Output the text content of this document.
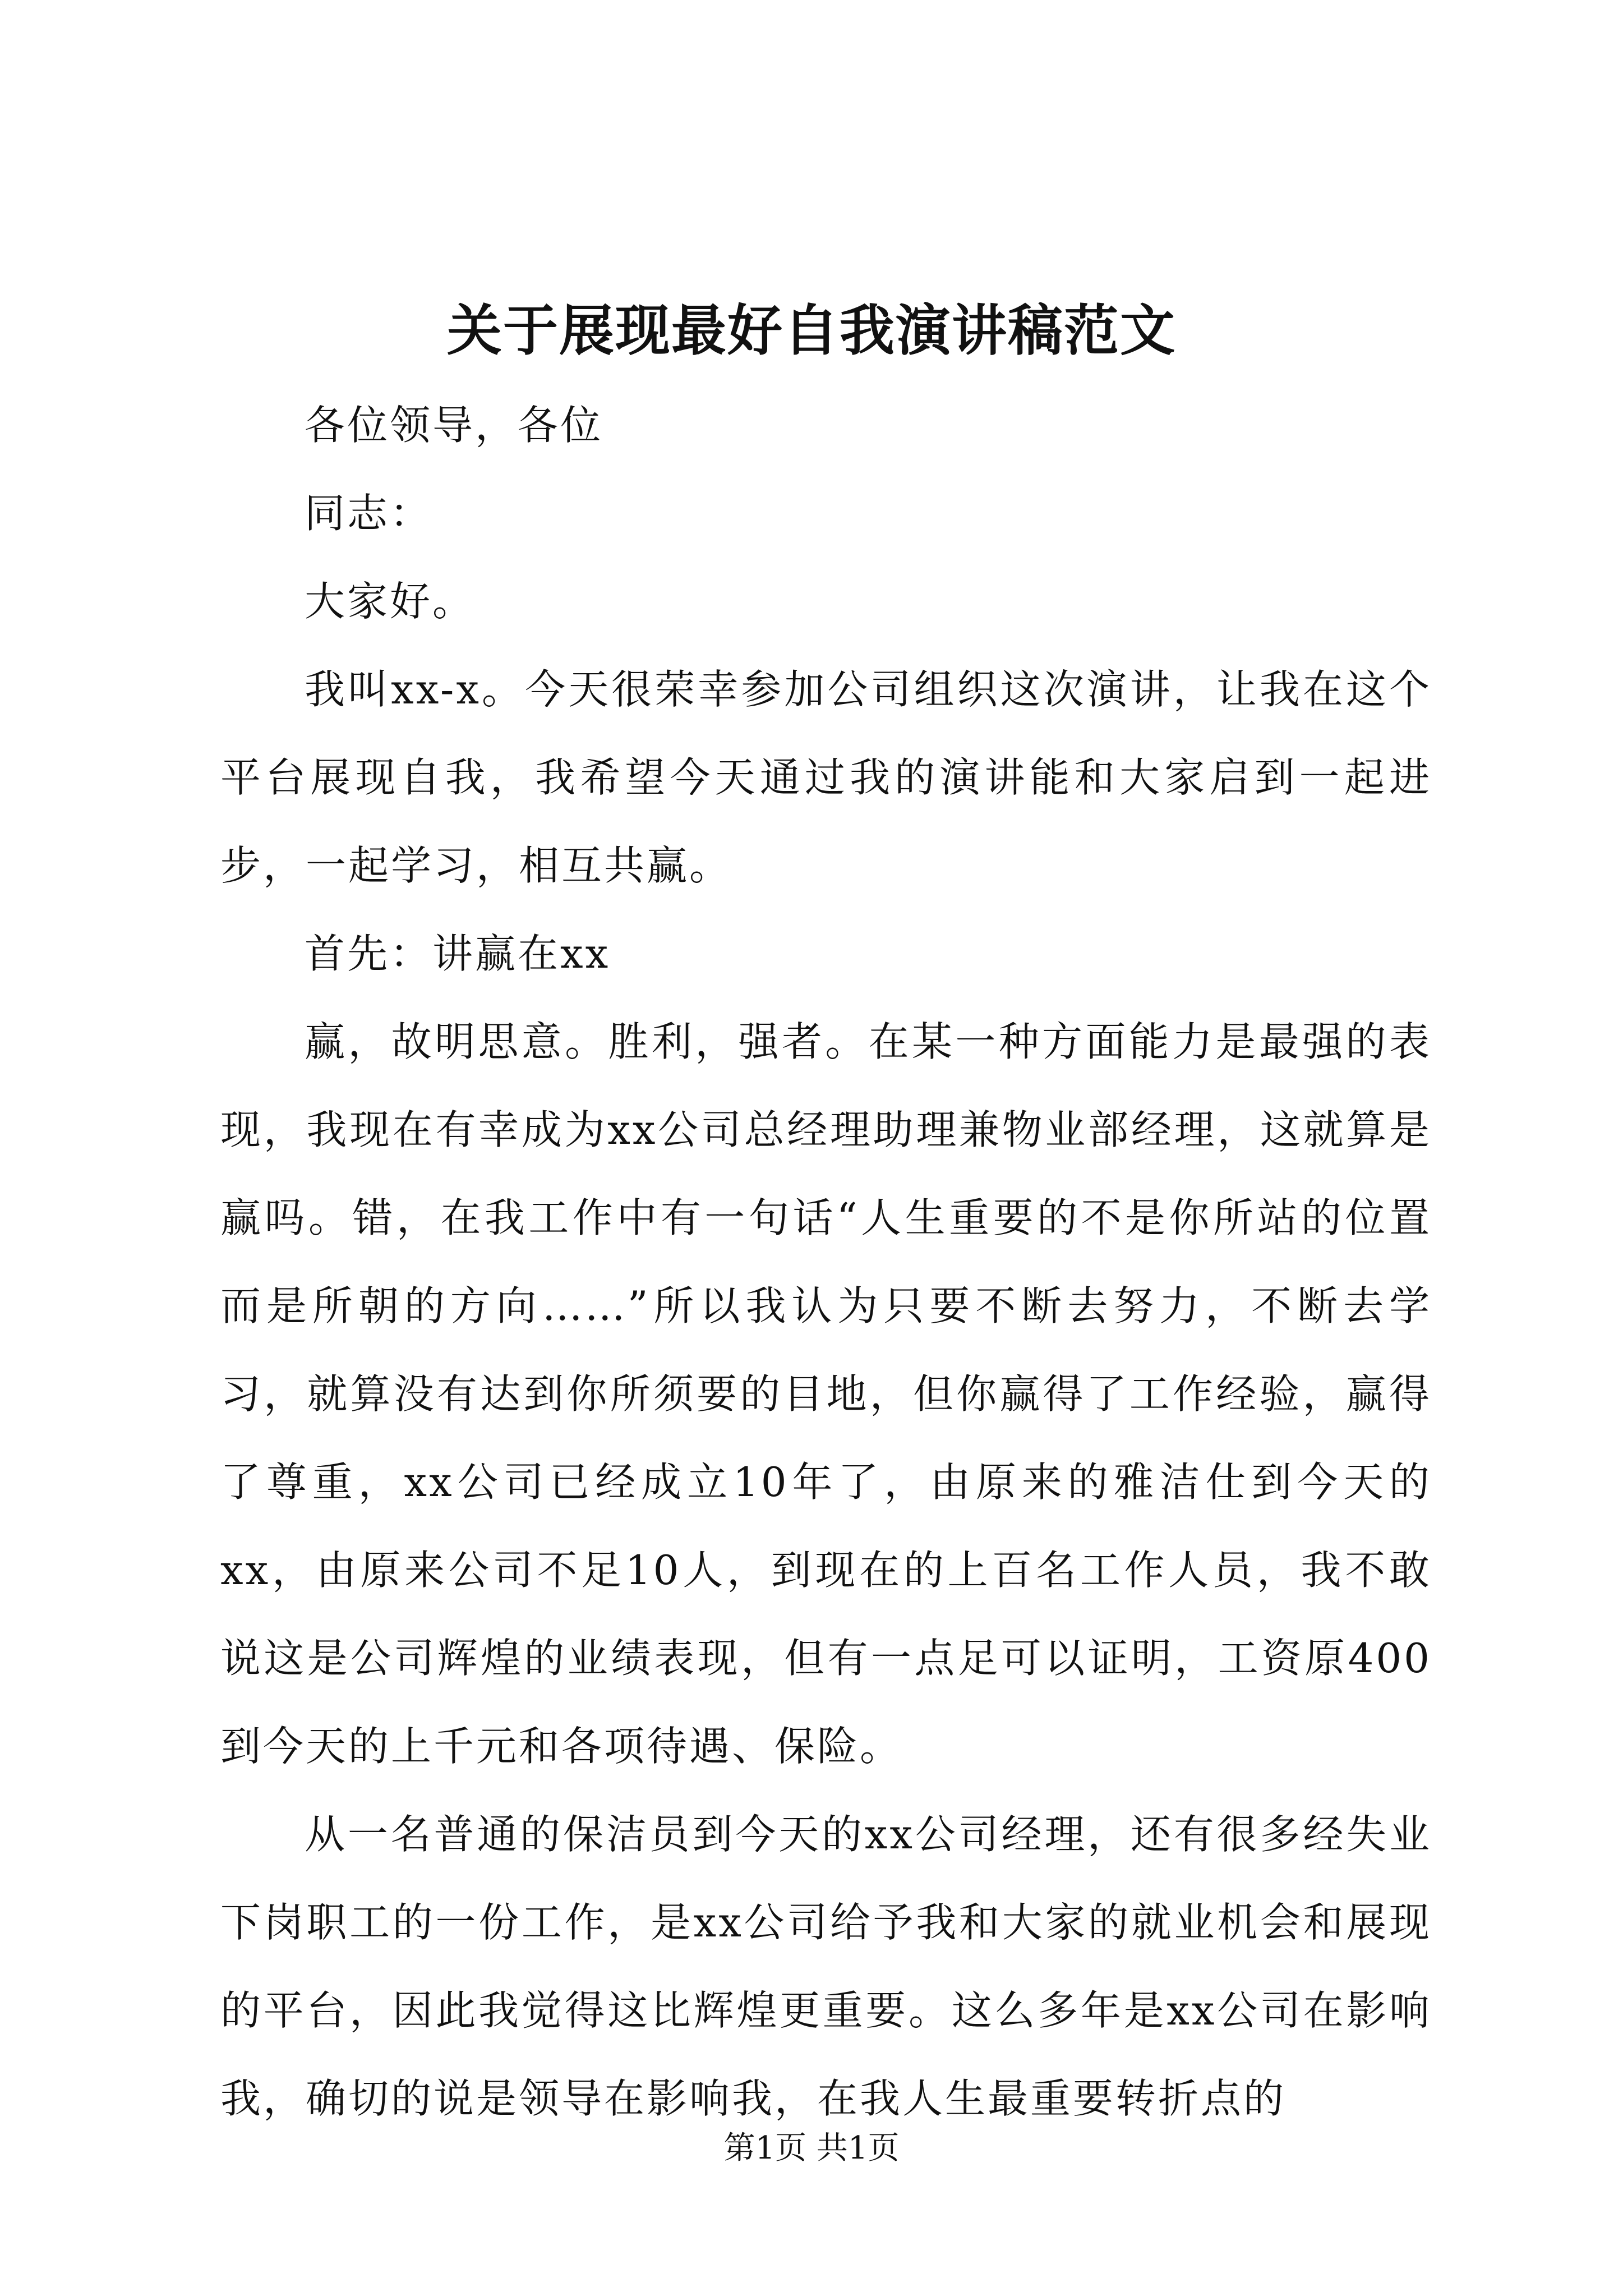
关于展现最好自我演讲稿范文

各位领导，各位

同志：

大家好。

我叫xx-x。今天很荣幸参加公司组织这次演讲，让我在这个平台展现自我，我希望今天通过我的演讲能和大家启到一起进步，一起学习，相互共赢。

首先：讲赢在xx

赢，故明思意。胜利，强者。在某一种方面能力是最强的表现，我现在有幸成为xx公司总经理助理兼物业部经理，这就算是赢吗。错，在我工作中有一句话“人生重要的不是你所站的位置而是所朝的方向……”所以我认为只要不断去努力，不断去学习，就算没有达到你所须要的目地，但你赢得了工作经验，赢得了尊重，xx公司已经成立10年了，由原来的雅洁仕到今天的xx，由原来公司不足10人，到现在的上百名工作人员，我不敢说这是公司辉煌的业绩表现，但有一点足可以证明，工资原400到今天的上千元和各项待遇、保险。

从一名普通的保洁员到今天的xx公司经理，还有很多经失业下岗职工的一份工作，是xx公司给予我和大家的就业机会和展现的平台，因此我觉得这比辉煌更重要。这么多年是xx公司在影响我，确切的说是领导在影响我，在我人生最重要转折点的

第1页 共1页
